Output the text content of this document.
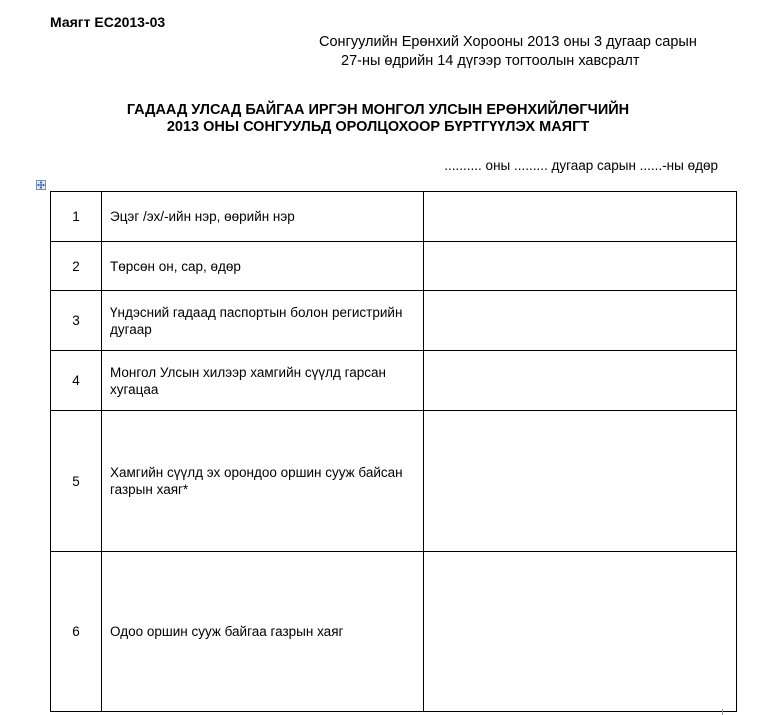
Маягт ЕС2013-03
Сонгуулийн Ерөнхий Хорооны 2013 оны 3 дугаар сарын
27-ны өдрийн 14 дүгээр тогтоолын хавсралт
ГАДААД УЛСАД БАЙГАА ИРГЭН МОНГОЛ УЛСЫН ЕРӨНХИЙЛӨГЧИЙН
2013 ОНЫ СОНГУУЛЬД ОРОЛЦОХООР БҮРТГҮҮЛЭХ МАЯГТ
.......... оны ......... дугаар сарын ......-ны өдөр
1	Эцэг /эх/-ийн нэр, өөрийн нэр	
2	Төрсөн он, сар, өдөр	
3	Үндэсний гадаад паспортын болон регистрийн дугаар	
4	Монгол Улсын хилээр хамгийн сүүлд гарсан хугацаа	
5	Хамгийн сүүлд эх орондоо оршин сууж байсан газрын хаяг*	
6	Одоо оршин сууж байгаа газрын хаяг	
